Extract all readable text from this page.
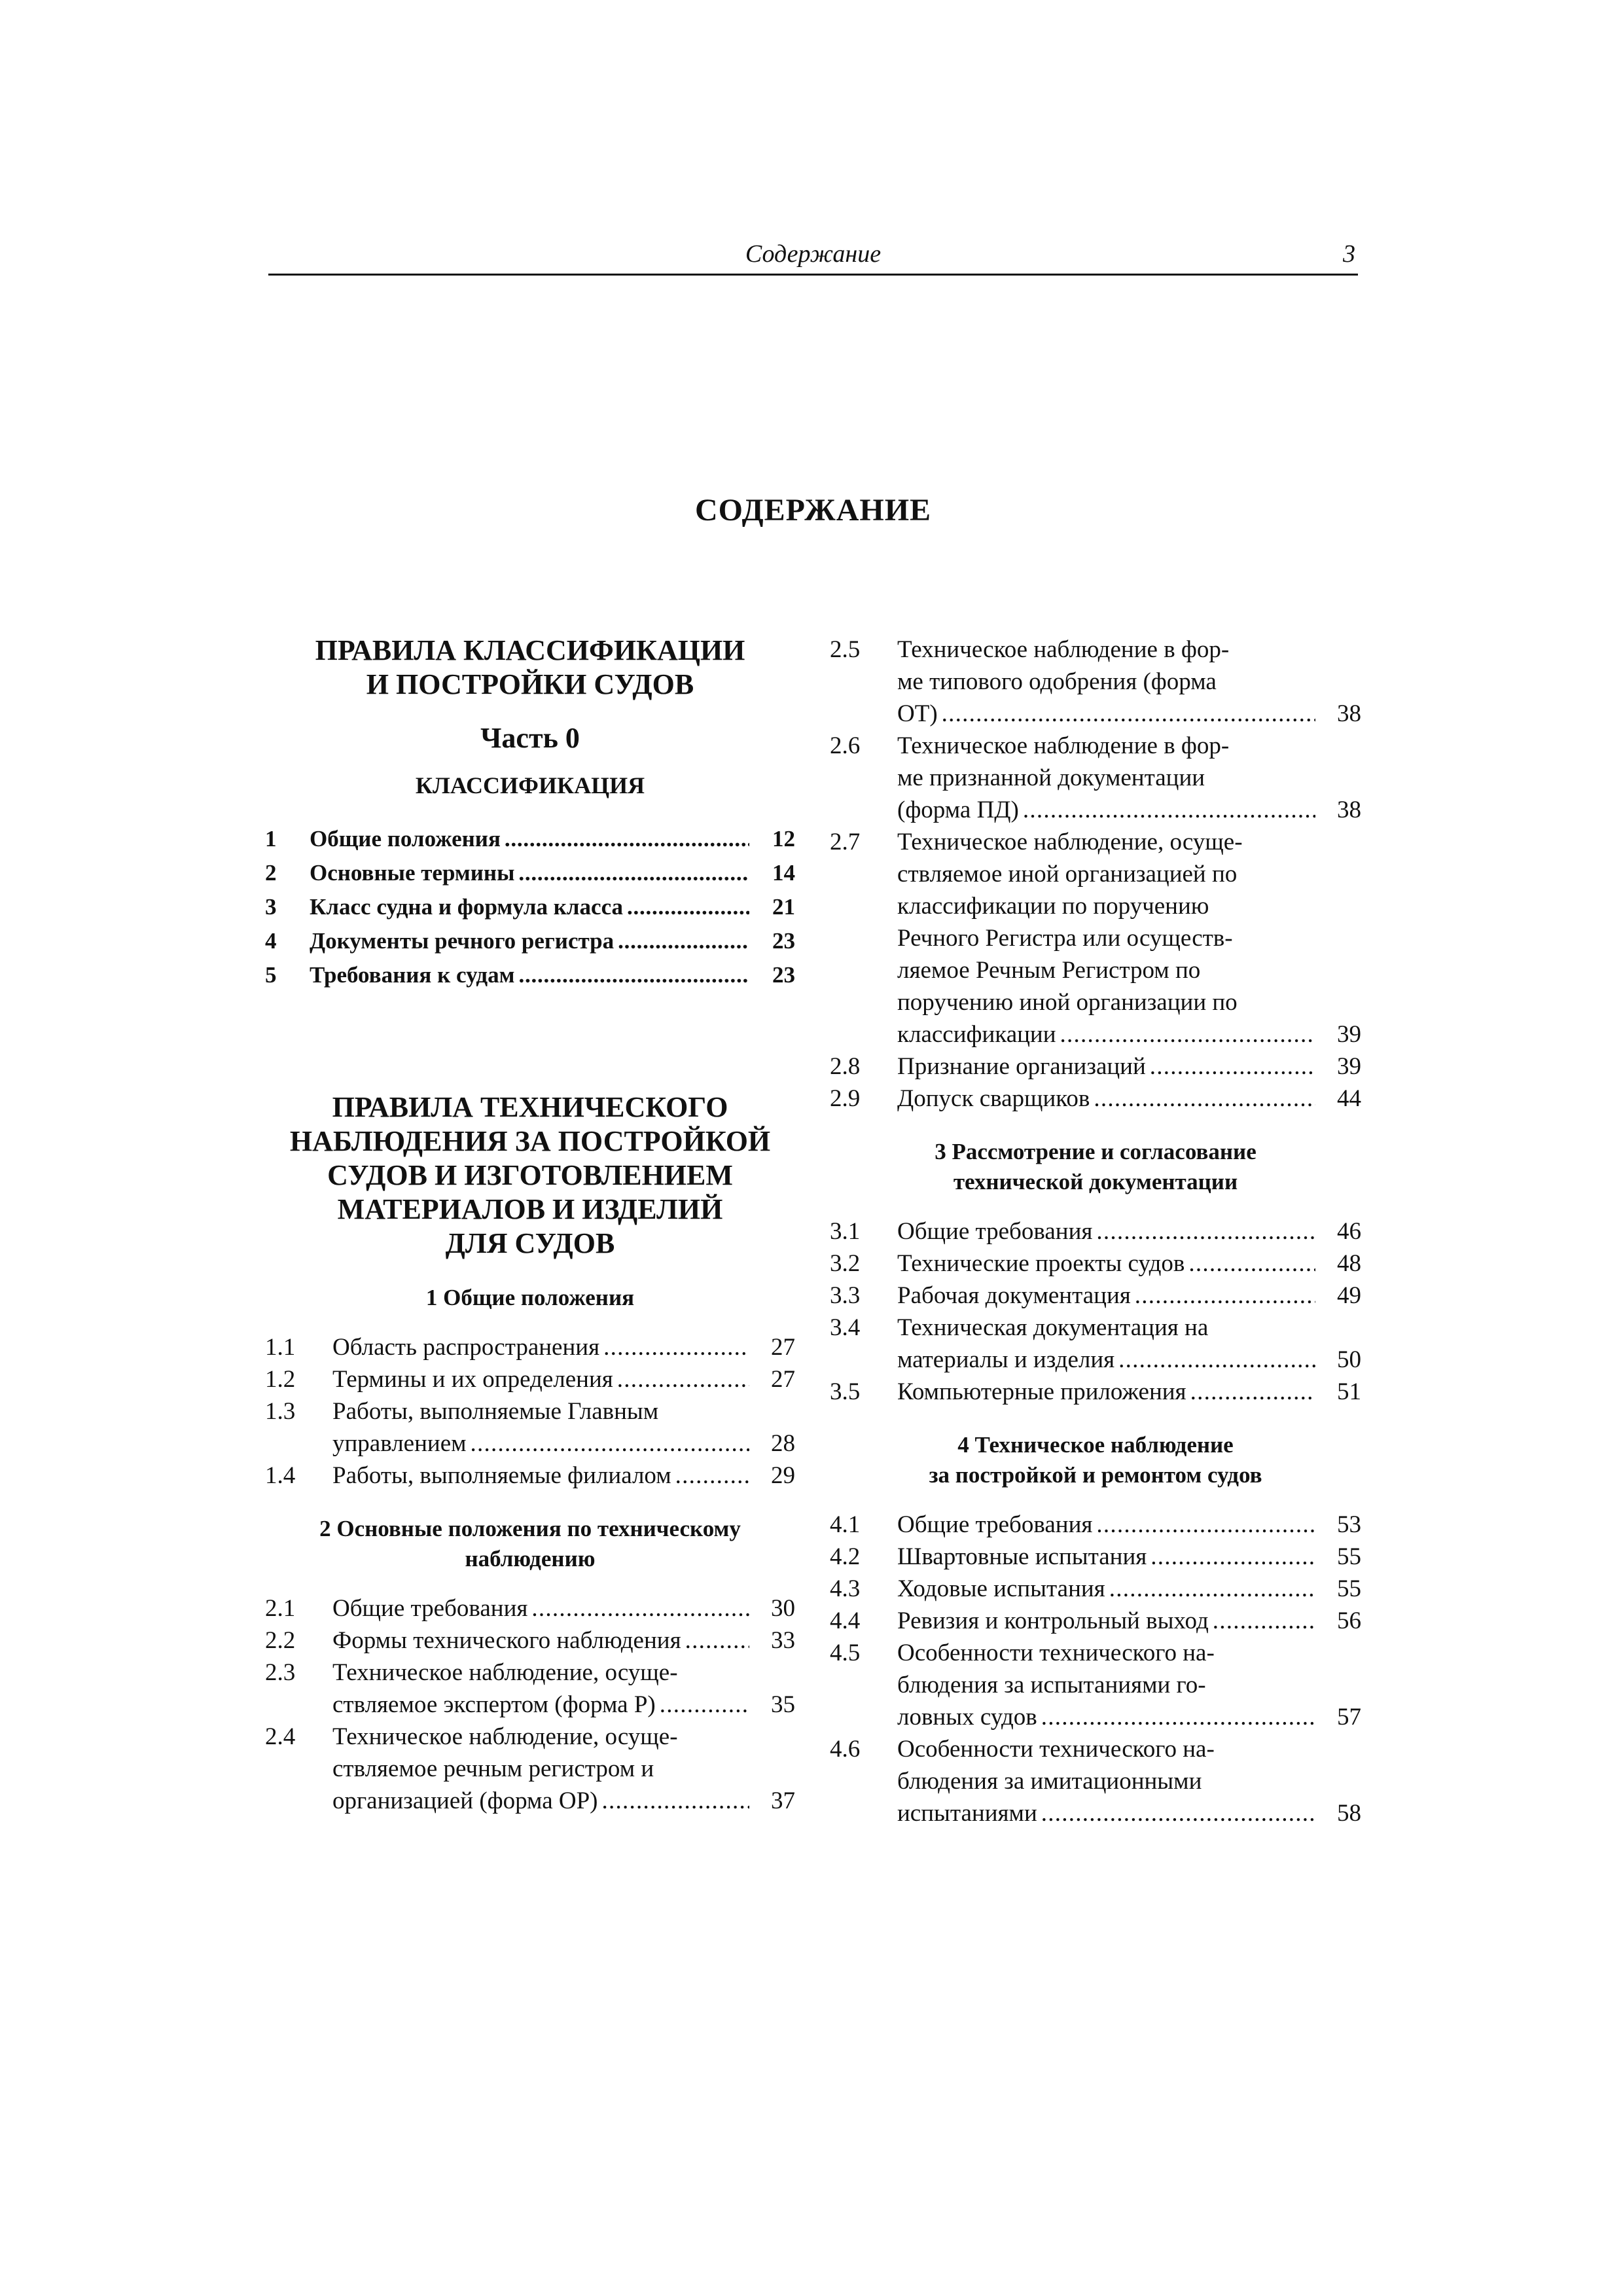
Содержание	3
СОДЕРЖАНИЕ
ПРАВИЛА КЛАССИФИКАЦИИ
И ПОСТРОЙКИ СУДОВ
Часть 0
КЛАССИФИКАЦИЯ
1 Общие положения . . .	12
2 Основные термины . . .	14
3 Класс судна и формула класса . . .	21
4 Документы речного регистра . . .	23
5 Требования к судам . . .	23
ПРАВИЛА ТЕХНИЧЕСКОГО
НАБЛЮДЕНИЯ ЗА ПОСТРОЙКОЙ
СУДОВ И ИЗГОТОВЛЕНИЕМ
МАТЕРИАЛОВ И ИЗДЕЛИЙ
ДЛЯ СУДОВ
1 Общие положения
1.1 Область распространения . . .	27
1.2 Термины и их определения . . .	27
1.3 Работы, выполняемые Главным
управлением . . .	28
1.4 Работы, выполняемые филиалом . . .	29
2 Основные положения по техническому
наблюдению
2.1 Общие требования . . .	30
2.2 Формы технического наблюдения . . .	33
2.3 Техническое наблюдение, осуще-
ствляемое экспертом (форма Р) . . .	35
2.4 Техническое наблюдение, осуще-
ствляемое речным регистром и
организацией (форма ОР) . . .	37
2.5 Техническое наблюдение в фор-
ме типового одобрения (форма
ОТ) . . .	38
2.6 Техническое наблюдение в фор-
ме признанной документации
(форма ПД) . . .	38
2.7 Техническое наблюдение, осуще-
ствляемое иной организацией по
классификации по поручению
Речного Регистра или осуществ-
ляемое Речным Регистром по
поручению иной организации по
классификации . . .	39
2.8 Признание организаций . . .	39
2.9 Допуск сварщиков . . .	44
3 Рассмотрение и согласование
технической документации
3.1 Общие требования . . .	46
3.2 Технические проекты судов . . .	48
3.3 Рабочая документация . . .	49
3.4 Техническая документация на
материалы и изделия . . .	50
3.5 Компьютерные приложения . . .	51
4 Техническое наблюдение
за постройкой и ремонтом судов
4.1 Общие требования . . .	53
4.2 Швартовные испытания . . .	55
4.3 Ходовые испытания . . .	55
4.4 Ревизия и контрольный выход . . .	56
4.5 Особенности технического на-
блюдения за испытаниями го-
ловных судов . . .	57
4.6 Особенности технического на-
блюдения за имитационными
испытаниями . . .	58
